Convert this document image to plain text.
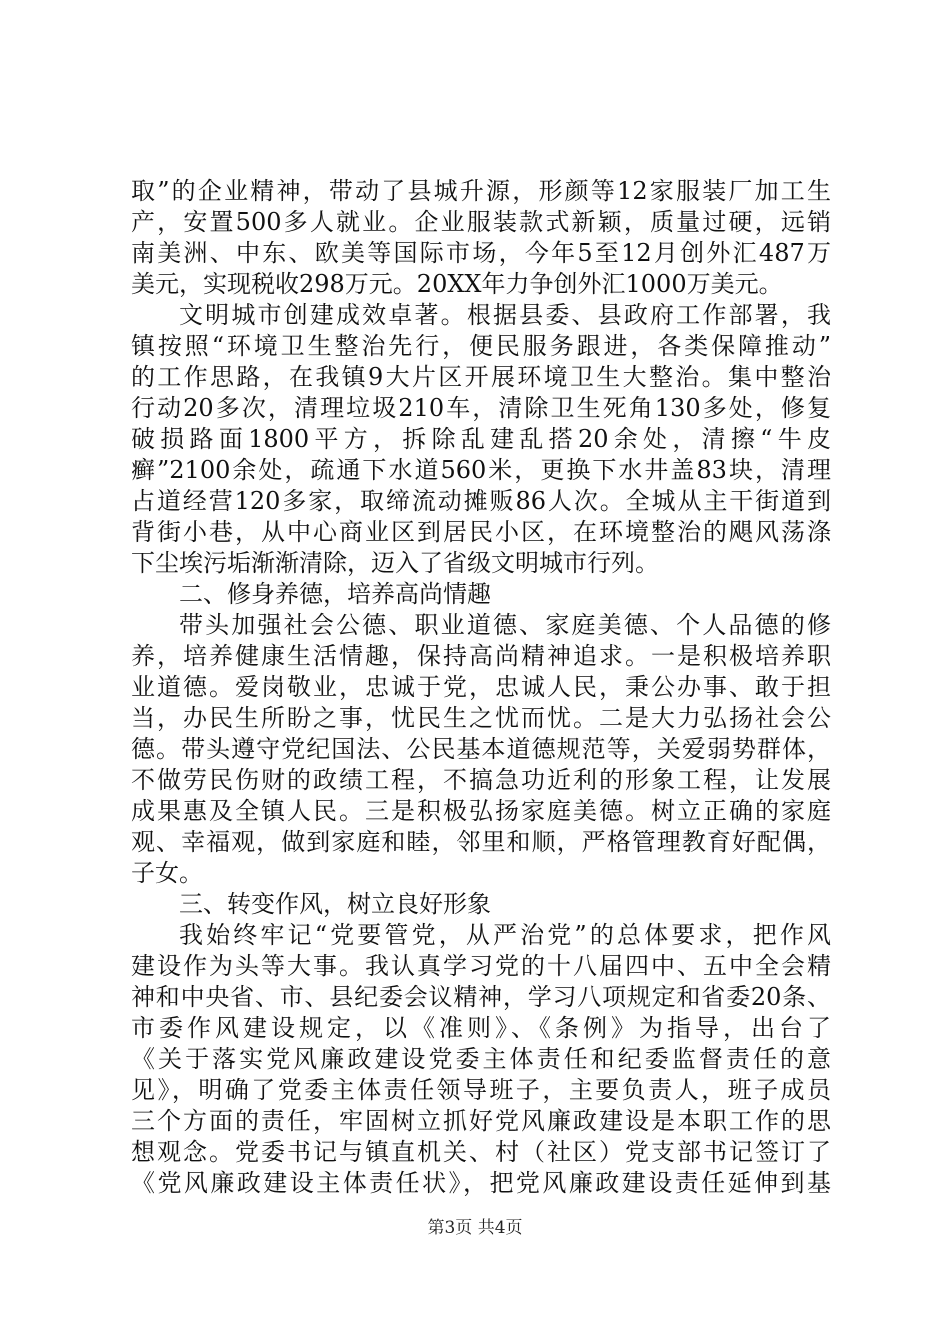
取”的企业精神，带动了县城升源，形颜等12家服装厂加工生
产，安置500多人就业。企业服装款式新颖，质量过硬，远销
南美洲、中东、欧美等国际市场，今年5至12月创外汇487万
美元，实现税收298万元。20XX年力争创外汇1000万美元。
文明城市创建成效卓著。根据县委、县政府工作部署，我
镇按照“环境卫生整治先行，便民服务跟进，各类保障推动”
的工作思路，在我镇9大片区开展环境卫生大整治。集中整治
行动20多次，清理垃圾210车，清除卫生死角130多处，修复
破损路面1800平方，拆除乱建乱搭20余处，清擦“牛皮
癣”2100余处，疏通下水道560米，更换下水井盖83块，清理
占道经营120多家，取缔流动摊贩86人次。全城从主干街道到
背街小巷，从中心商业区到居民小区，在环境整治的飓风荡涤
下尘埃污垢渐渐清除，迈入了省级文明城市行列。
二、修身养德，培养高尚情趣
带头加强社会公德、职业道德、家庭美德、个人品德的修
养，培养健康生活情趣，保持高尚精神追求。一是积极培养职
业道德。爱岗敬业，忠诚于党，忠诚人民，秉公办事、敢于担
当，办民生所盼之事，忧民生之忧而忧。二是大力弘扬社会公
德。带头遵守党纪国法、公民基本道德规范等，关爱弱势群体，
不做劳民伤财的政绩工程，不搞急功近利的形象工程，让发展
成果惠及全镇人民。三是积极弘扬家庭美德。树立正确的家庭
观、幸福观，做到家庭和睦，邻里和顺，严格管理教育好配偶，
子女。
三、转变作风，树立良好形象
我始终牢记“党要管党，从严治党”的总体要求，把作风
建设作为头等大事。我认真学习党的十八届四中、五中全会精
神和中央省、市、县纪委会议精神，学习八项规定和省委20条、
市委作风建设规定，以《准则》、《条例》为指导，出台了
《关于落实党风廉政建设党委主体责任和纪委监督责任的意
见》，明确了党委主体责任领导班子，主要负责人，班子成员
三个方面的责任，牢固树立抓好党风廉政建设是本职工作的思
想观念。党委书记与镇直机关、村（社区）党支部书记签订了
《党风廉政建设主体责任状》，把党风廉政建设责任延伸到基
第3页 共4页
